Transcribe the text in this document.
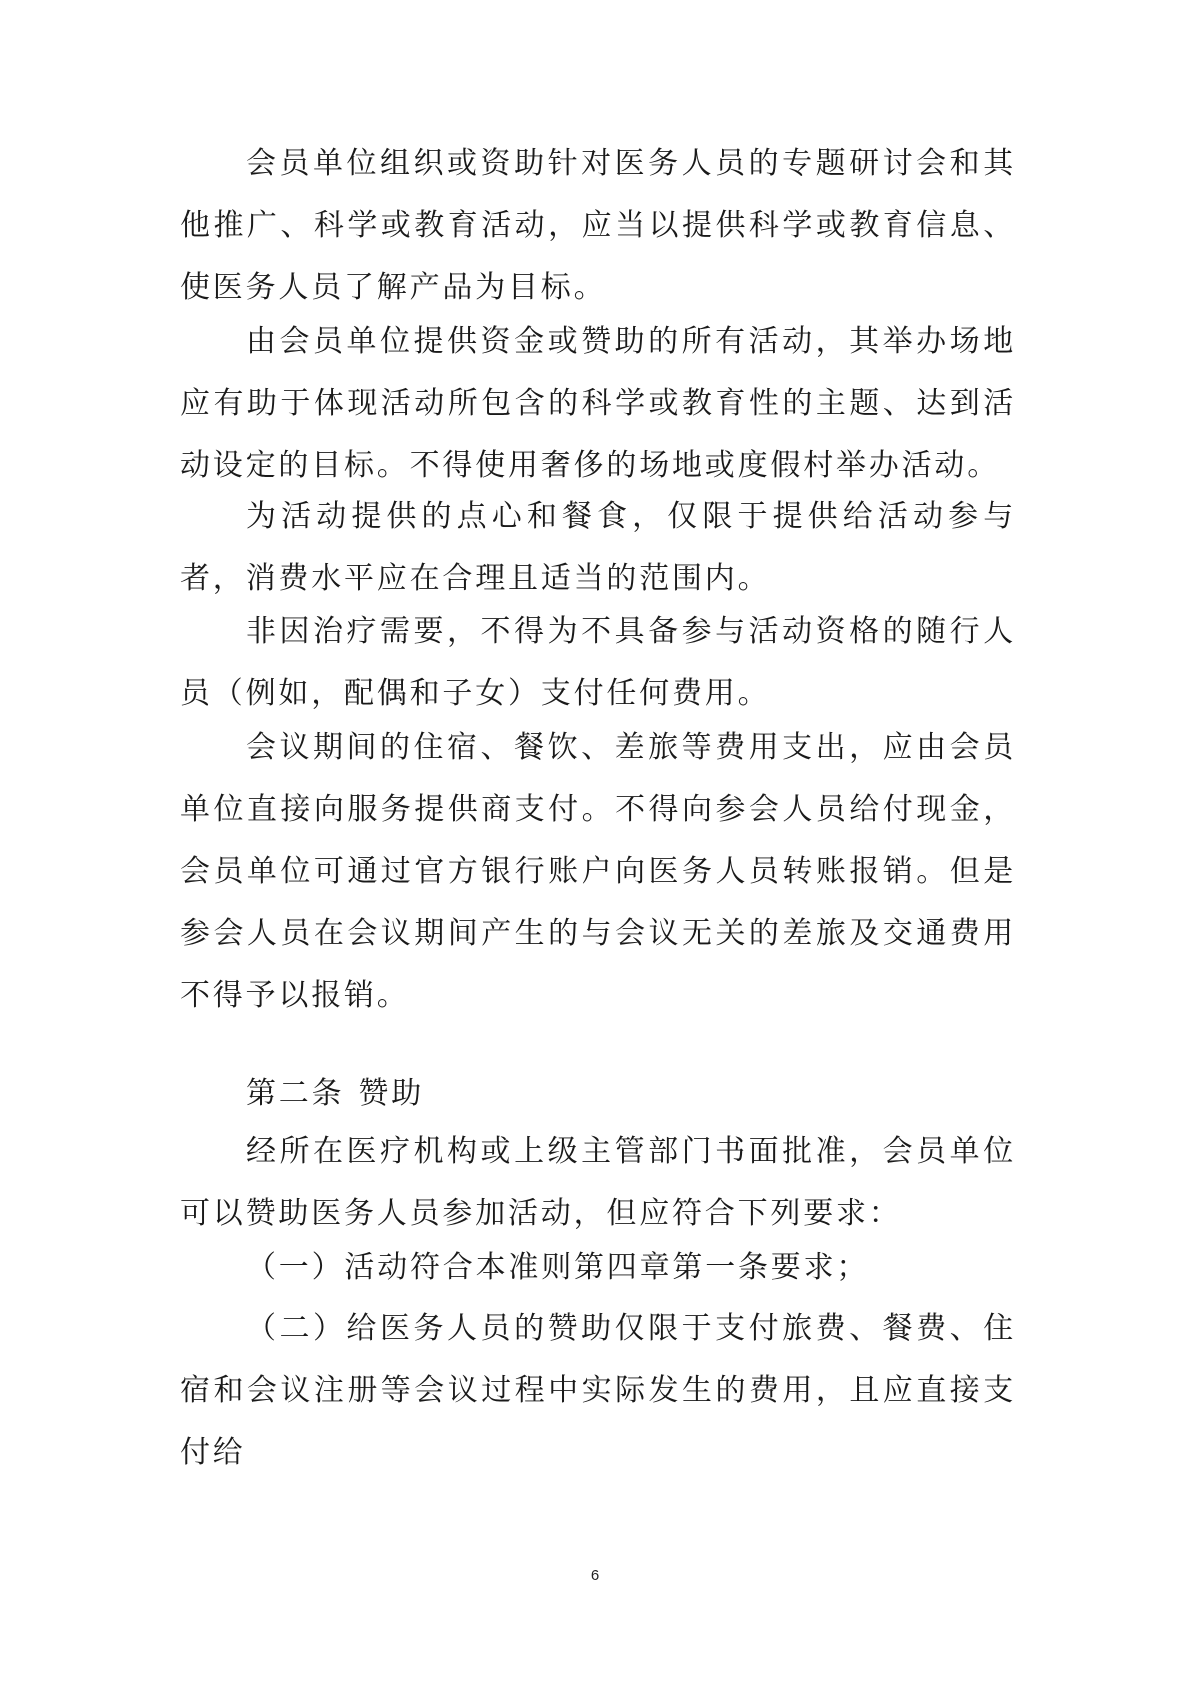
会员单位组织或资助针对医务人员的专题研讨会和其他推广、科学或教育活动，应当以提供科学或教育信息、使医务人员了解产品为目标。

由会员单位提供资金或赞助的所有活动，其举办场地应有助于体现活动所包含的科学或教育性的主题、达到活动设定的目标。不得使用奢侈的场地或度假村举办活动。

为活动提供的点心和餐食，仅限于提供给活动参与者，消费水平应在合理且适当的范围内。

非因治疗需要，不得为不具备参与活动资格的随行人员（例如，配偶和子女）支付任何费用。

会议期间的住宿、餐饮、差旅等费用支出，应由会员单位直接向服务提供商支付。不得向参会人员给付现金，会员单位可通过官方银行账户向医务人员转账报销。但是参会人员在会议期间产生的与会议无关的差旅及交通费用不得予以报销。

第二条 赞助

经所在医疗机构或上级主管部门书面批准，会员单位可以赞助医务人员参加活动，但应符合下列要求：

（一）活动符合本准则第四章第一条要求；

（二）给医务人员的赞助仅限于支付旅费、餐费、住宿和会议注册等会议过程中实际发生的费用，且应直接支付给

6
